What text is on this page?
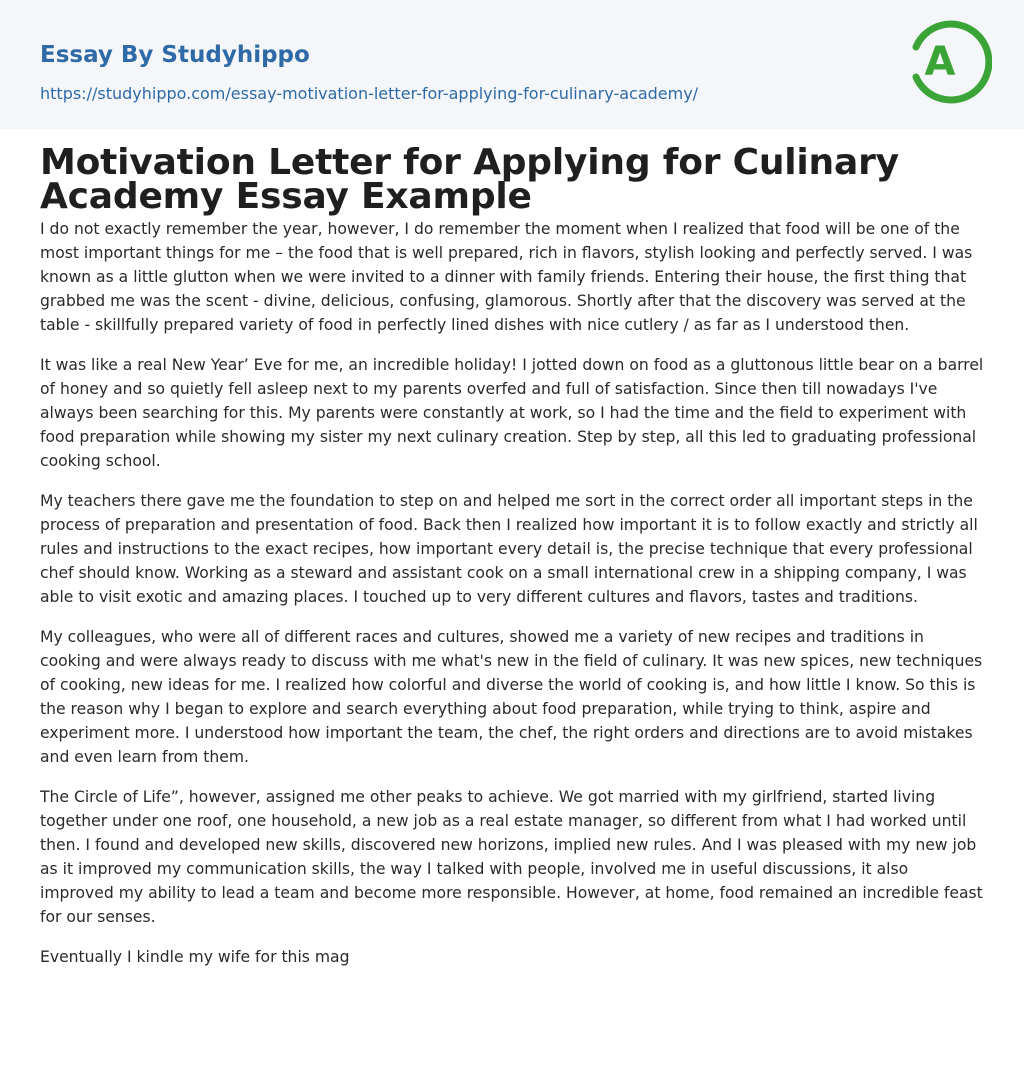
Essay By Studyhippo
https://studyhippo.com/essay-motivation-letter-for-applying-for-culinary-academy/
A
Motivation Letter for Applying for Culinary Academy Essay Example

I do not exactly remember the year, however, I do remember the moment when I realized that food will be one of the most important things for me – the food that is well prepared, rich in flavors, stylish looking and perfectly served. I was known as a little glutton when we were invited to a dinner with family friends. Entering their house, the first thing that grabbed me was the scent - divine, delicious, confusing, glamorous. Shortly after that the discovery was served at the table - skillfully prepared variety of food in perfectly lined dishes with nice cutlery / as far as I understood then.

It was like a real New Year’ Eve for me, an incredible holiday! I jotted down on food as a gluttonous little bear on a barrel of honey and so quietly fell asleep next to my parents overfed and full of satisfaction. Since then till nowadays I've always been searching for this. My parents were constantly at work, so I had the time and the field to experiment with food preparation while showing my sister my next culinary creation. Step by step, all this led to graduating professional cooking school.

My teachers there gave me the foundation to step on and helped me sort in the correct order all important steps in the process of preparation and presentation of food. Back then I realized how important it is to follow exactly and strictly all rules and instructions to the exact recipes, how important every detail is, the precise technique that every professional chef should know. Working as a steward and assistant cook on a small international crew in a shipping company, I was able to visit exotic and amazing places. I touched up to very different cultures and flavors, tastes and traditions.

My colleagues, who were all of different races and cultures, showed me a variety of new recipes and traditions in cooking and were always ready to discuss with me what's new in the field of culinary. It was new spices, new techniques of cooking, new ideas for me. I realized how colorful and diverse the world of cooking is, and how little I know. So this is the reason why I began to explore and search everything about food preparation, while trying to think, aspire and experiment more. I understood how important the team, the chef, the right orders and directions are to avoid mistakes and even learn from them.

The Circle of Life”, however, assigned me other peaks to achieve. We got married with my girlfriend, started living together under one roof, one household, a new job as a real estate manager, so different from what I had worked until then. I found and developed new skills, discovered new horizons, implied new rules. And I was pleased with my new job as it improved my communication skills, the way I talked with people, involved me in useful discussions, it also improved my ability to lead a team and become more responsible. However, at home, food remained an incredible feast for our senses.

Eventually I kindle my wife for this mag
